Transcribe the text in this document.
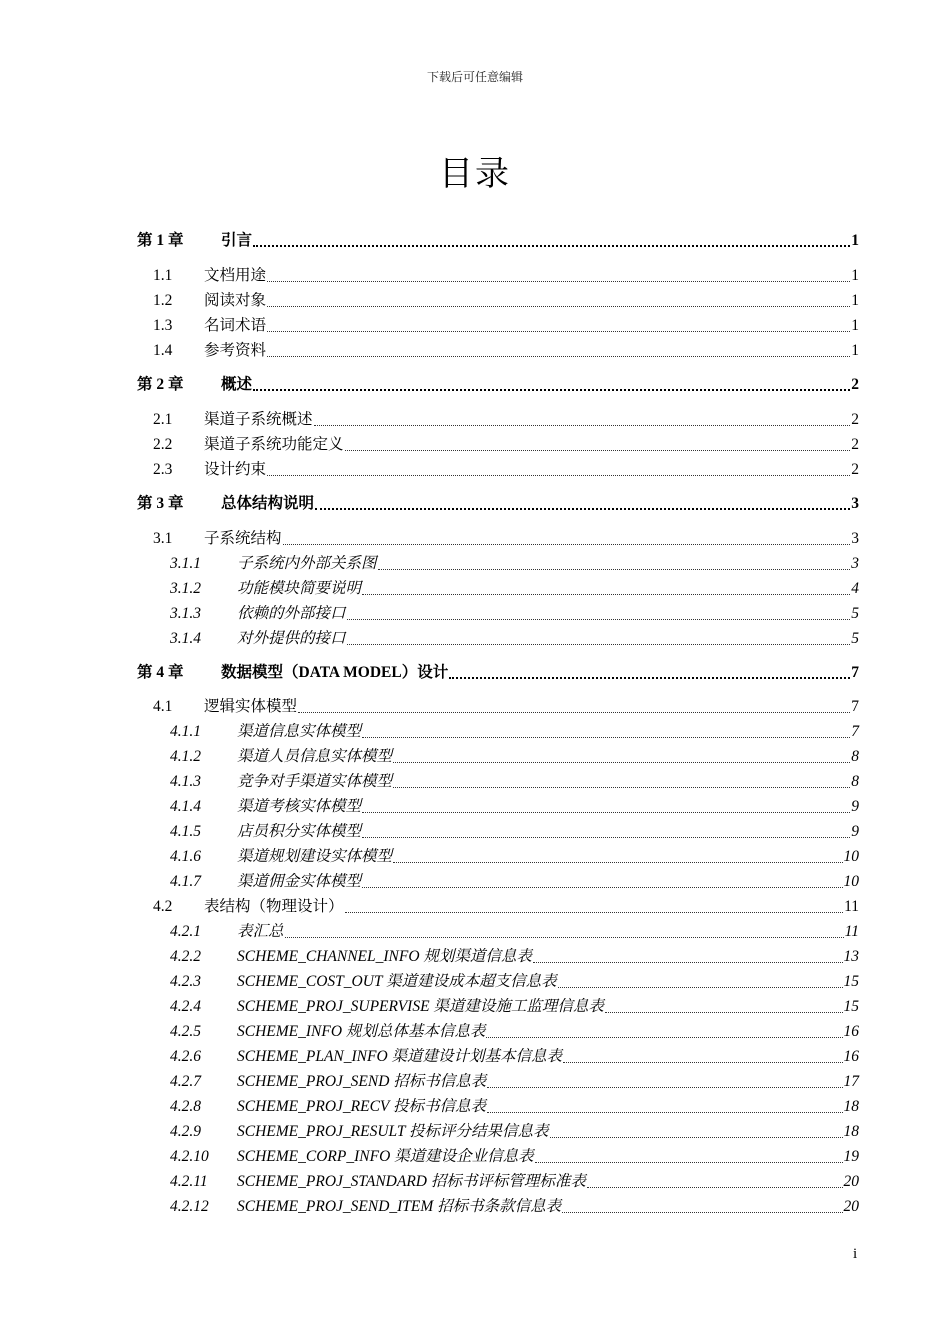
下载后可任意编辑
目录
第 1 章	引言	1
1.1	文档用途	1
1.2	阅读对象	1
1.3	名词术语	1
1.4	参考资料	1
第 2 章	概述	2
2.1	渠道子系统概述	2
2.2	渠道子系统功能定义	2
2.3	设计约束	2
第 3 章	总体结构说明	3
3.1	子系统结构	3
3.1.1	子系统内外部关系图	3
3.1.2	功能模块简要说明	4
3.1.3	依赖的外部接口	5
3.1.4	对外提供的接口	5
第 4 章	数据模型（DATA MODEL）设计	7
4.1	逻辑实体模型	7
4.1.1	渠道信息实体模型	7
4.1.2	渠道人员信息实体模型	8
4.1.3	竞争对手渠道实体模型	8
4.1.4	渠道考核实体模型	9
4.1.5	店员积分实体模型	9
4.1.6	渠道规划建设实体模型	10
4.1.7	渠道佣金实体模型	10
4.2	表结构（物理设计）	11
4.2.1	表汇总	11
4.2.2	SCHEME_CHANNEL_INFO 规划渠道信息表	13
4.2.3	SCHEME_COST_OUT 渠道建设成本超支信息表	15
4.2.4	SCHEME_PROJ_SUPERVISE 渠道建设施工监理信息表	15
4.2.5	SCHEME_INFO 规划总体基本信息表	16
4.2.6	SCHEME_PLAN_INFO 渠道建设计划基本信息表	16
4.2.7	SCHEME_PROJ_SEND 招标书信息表	17
4.2.8	SCHEME_PROJ_RECV 投标书信息表	18
4.2.9	SCHEME_PROJ_RESULT 投标评分结果信息表	18
4.2.10	SCHEME_CORP_INFO 渠道建设企业信息表	19
4.2.11	SCHEME_PROJ_STANDARD 招标书评标管理标准表	20
4.2.12	SCHEME_PROJ_SEND_ITEM 招标书条款信息表	20
i
